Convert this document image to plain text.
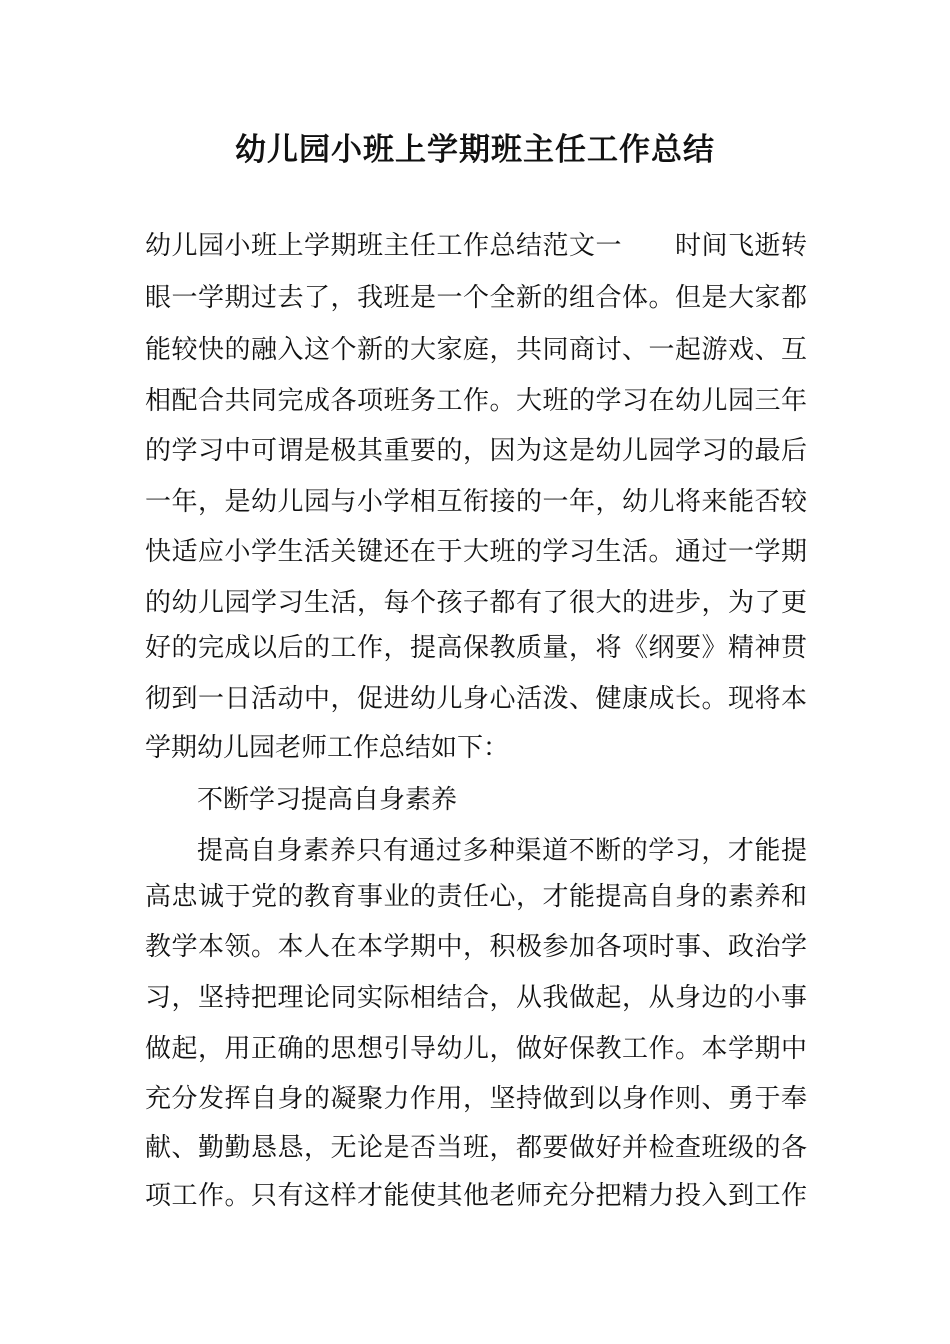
幼儿园小班上学期班主任工作总结

幼儿园小班上学期班主任工作总结范文一　　时间飞逝转

眼一学期过去了，我班是一个全新的组合体。但是大家都

能较快的融入这个新的大家庭，共同商讨、一起游戏、互

相配合共同完成各项班务工作。大班的学习在幼儿园三年

的学习中可谓是极其重要的，因为这是幼儿园学习的最后

一年，是幼儿园与小学相互衔接的一年，幼儿将来能否较

快适应小学生活关键还在于大班的学习生活。通过一学期

的幼儿园学习生活，每个孩子都有了很大的进步，为了更

好的完成以后的工作，提高保教质量，将《纲要》精神贯

彻到一日活动中，促进幼儿身心活泼、健康成长。现将本

学期幼儿园老师工作总结如下：

不断学习提高自身素养

提高自身素养只有通过多种渠道不断的学习，才能提

高忠诚于党的教育事业的责任心，才能提高自身的素养和

教学本领。本人在本学期中，积极参加各项时事、政治学

习，坚持把理论同实际相结合，从我做起，从身边的小事

做起，用正确的思想引导幼儿，做好保教工作。本学期中

充分发挥自身的凝聚力作用，坚持做到以身作则、勇于奉

献、勤勤恳恳，无论是否当班，都要做好并检查班级的各

项工作。只有这样才能使其他老师充分把精力投入到工作
